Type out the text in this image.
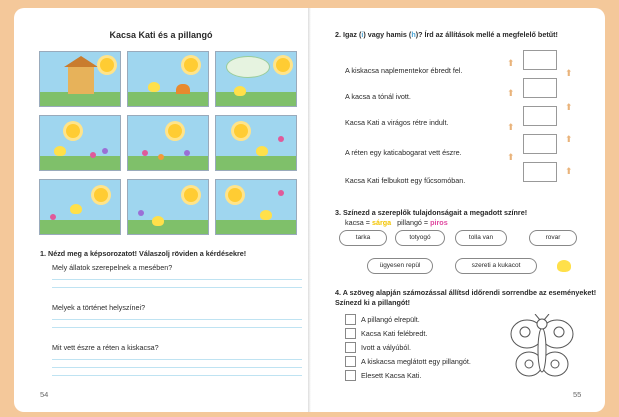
Kacsa Kati és a pillangó
1. Nézd meg a képsorozatot! Válaszolj röviden a kérdésekre!
Mely állatok szerepelnek a mesében?
Melyek a történet helyszínei?
Mit vett észre a réten a kiskacsa?
54
2. Igaz (i) vagy hamis (h)? Írd az állítások mellé a megfelelő betűt!
A kiskacsa naplementekor ébredt fel.
A kacsa a tónál ivott.
Kacsa Kati a virágos rétre indult.
A réten egy katicabogarat vett észre.
Kacsa Kati felbukott egy fűcsomóban.
⬆
⬆
⬆
⬆
⬆
⬆
⬆
⬆
3. Színezd a szereplők tulajdonságait a megadott színre!
kacsa = sárga pillangó = piros
tarka	totyogó	tolla van	rovar
ügyesen repül	szereti a kukacot
4. A szöveg alapján számozással állítsd időrendi sorrendbe az eseményeket! Színezd ki a pillangót!
A pillangó elrepült.
Kacsa Kati felébredt.
Ivott a vályúból.
A kiskacsa meglátott egy pillangót.
Elesett Kacsa Kati.
55
